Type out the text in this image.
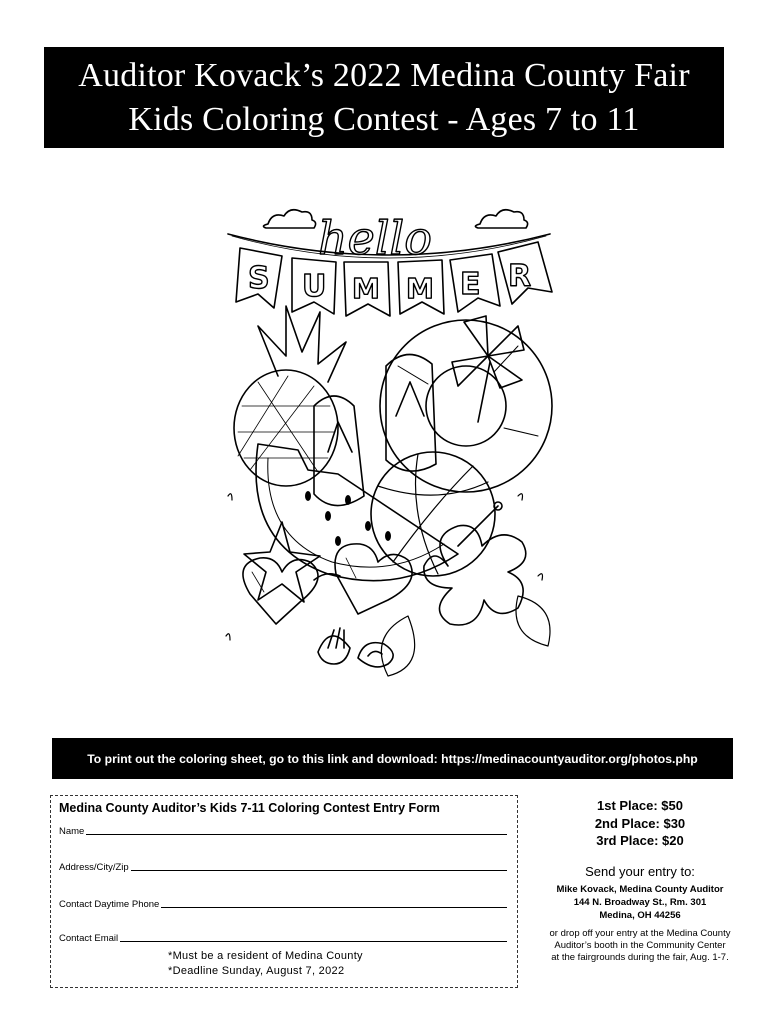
Auditor Kovack’s 2022 Medina County Fair
Kids Coloring Contest - Ages 7 to 11
hello
S U M M E R
To print out the coloring sheet, go to this link and download: https://medinacountyauditor.org/photos.php
Medina County Auditor’s Kids 7-11 Coloring Contest Entry Form
Name
Address/City/Zip
Contact Daytime Phone
Contact Email
*Must be a resident of Medina County
*Deadline Sunday, August 7, 2022
1st Place: $50
2nd Place: $30
3rd Place: $20
Send your entry to:
Mike Kovack, Medina County Auditor
144 N. Broadway St., Rm. 301
Medina, OH 44256
or drop off your entry at the Medina County
Auditor’s booth in the Community Center
at the fairgrounds during the fair, Aug. 1-7.
